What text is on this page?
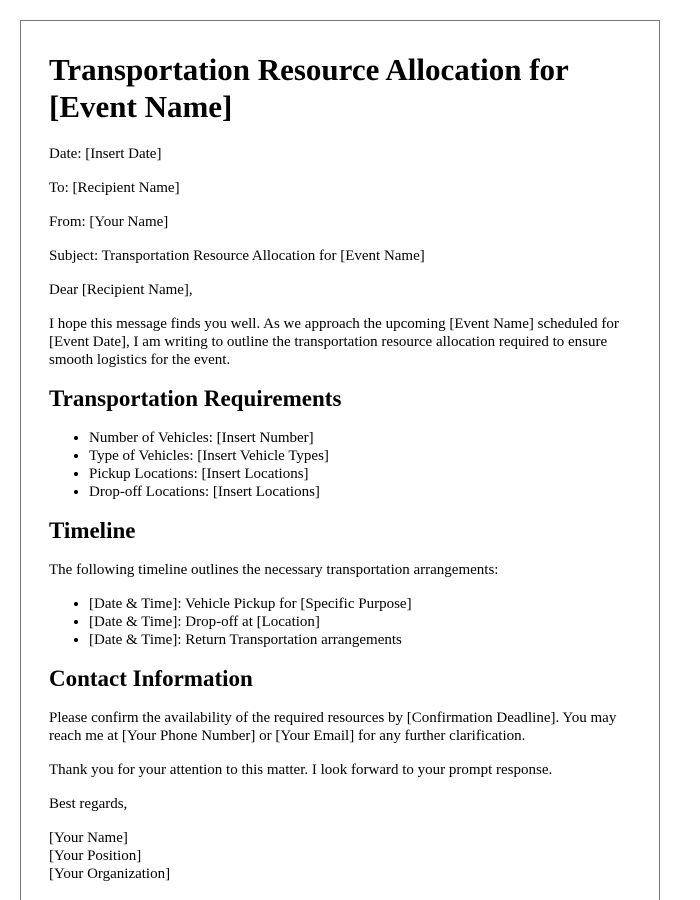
Transportation Resource Allocation for [Event Name]

Date: [Insert Date]

To: [Recipient Name]

From: [Your Name]

Subject: Transportation Resource Allocation for [Event Name]

Dear [Recipient Name],

I hope this message finds you well. As we approach the upcoming [Event Name] scheduled for [Event Date], I am writing to outline the transportation resource allocation required to ensure smooth logistics for the event.

Transportation Requirements
• Number of Vehicles: [Insert Number]
• Type of Vehicles: [Insert Vehicle Types]
• Pickup Locations: [Insert Locations]
• Drop-off Locations: [Insert Locations]
Timeline

The following timeline outlines the necessary transportation arrangements:

• [Date & Time]: Vehicle Pickup for [Specific Purpose]
• [Date & Time]: Drop-off at [Location]
• [Date & Time]: Return Transportation arrangements
Contact Information

Please confirm the availability of the required resources by [Confirmation Deadline]. You may reach me at [Your Phone Number] or [Your Email] for any further clarification.

Thank you for your attention to this matter. I look forward to your prompt response.

Best regards,

[Your Name]
[Your Position]
[Your Organization]
